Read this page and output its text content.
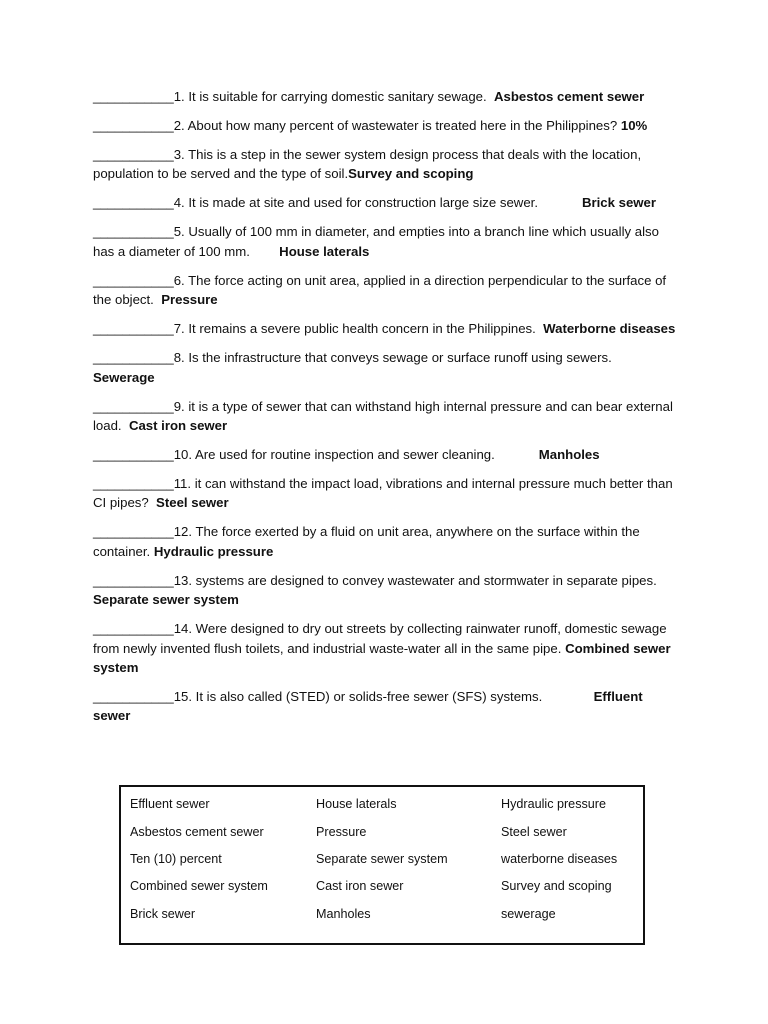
___________1. It is suitable for carrying domestic sanitary sewage.  Asbestos cement sewer

___________2. About how many percent of wastewater is treated here in the Philippines? 10%

___________3. This is a step in the sewer system design process that deals with the location, population to be served and the type of soil.Survey and scoping

___________4. It is made at site and used for construction large size sewer.            Brick sewer

___________5. Usually of 100 mm in diameter, and empties into a branch line which usually also has a diameter of 100 mm.        House laterals

___________6. The force acting on unit area, applied in a direction perpendicular to the surface of the object.  Pressure

___________7. It remains a severe public health concern in the Philippines.  Waterborne diseases

___________8. Is the infrastructure that conveys sewage or surface runoff using sewers.               Sewerage

___________9. it is a type of sewer that can withstand high internal pressure and can bear external load.  Cast iron sewer

___________10. Are used for routine inspection and sewer cleaning.            Manholes

___________11. it can withstand the impact load, vibrations and internal pressure much better than CI pipes?  Steel sewer

___________12. The force exerted by a fluid on unit area, anywhere on the surface within the container. Hydraulic pressure

___________13. systems are designed to convey wastewater and stormwater in separate pipes. Separate sewer system

___________14. Were designed to dry out streets by collecting rainwater runoff, domestic sewage from newly invented flush toilets, and industrial waste-water all in the same pipe. Combined sewer system

___________15. It is also called (STED) or solids-free sewer (SFS) systems.              Effluent sewer

Effluent sewer	House laterals	Hydraulic pressure
Asbestos cement sewer	Pressure	Steel sewer
Ten (10) percent	Separate sewer system	waterborne diseases
Combined sewer system	Cast iron sewer	Survey and scoping
Brick sewer	Manholes	sewerage
